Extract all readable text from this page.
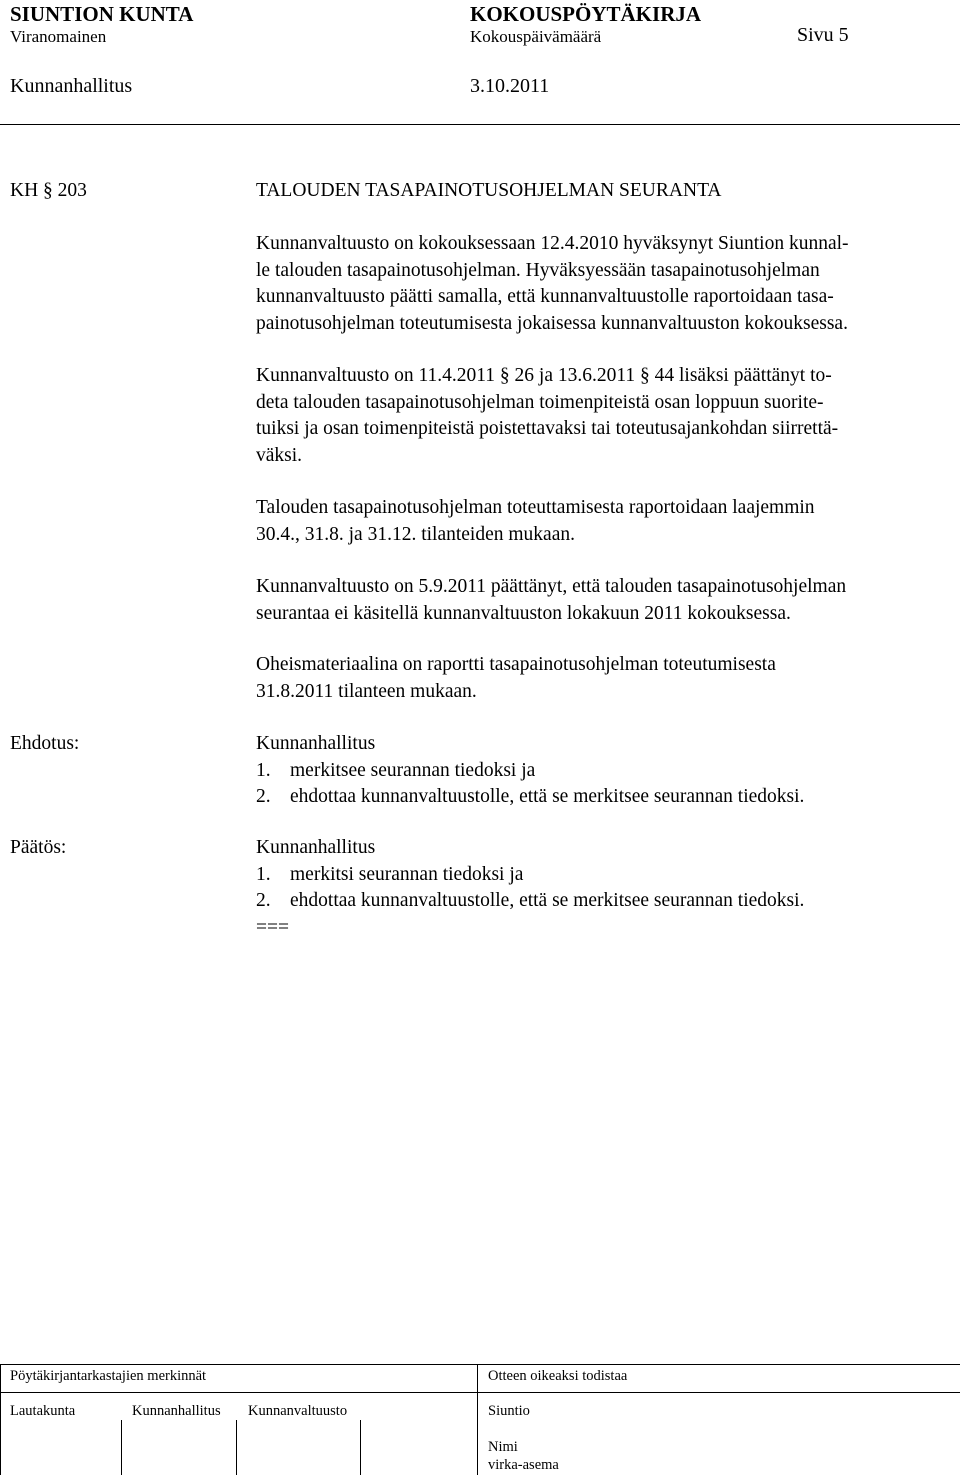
SIUNTION KUNTA	KOKOUSPÖYTÄKIRJA
Viranomainen	Kokouspäivämäärä	Sivu 5
Kunnanhallitus	3.10.2011
KH § 203	TALOUDEN TASAPAINOTUSOHJELMAN SEURANTA
Kunnanvaltuusto on kokouksessaan 12.4.2010 hyväksynyt Siuntion kunnal-
le talouden tasapainotusohjelman. Hyväksyessään tasapainotusohjelman
kunnanvaltuusto päätti samalla, että kunnanvaltuustolle raportoidaan tasa-
painotusohjelman toteutumisesta jokaisessa kunnanvaltuuston kokouksessa.
Kunnanvaltuusto on 11.4.2011 § 26 ja 13.6.2011 § 44 lisäksi päättänyt to-
deta talouden tasapainotusohjelman toimenpiteistä osan loppuun suorite-
tuiksi ja osan toimenpiteistä poistettavaksi tai toteutusajankohdan siirrettä-
väksi.
Talouden tasapainotusohjelman toteuttamisesta raportoidaan laajemmin
30.4., 31.8. ja 31.12. tilanteiden mukaan.
Kunnanvaltuusto on 5.9.2011 päättänyt, että talouden tasapainotusohjelman
seurantaa ei käsitellä kunnanvaltuuston lokakuun 2011 kokouksessa.
Oheismateriaalina on raportti tasapainotusohjelman toteutumisesta
31.8.2011 tilanteen mukaan.
Ehdotus:	Kunnanhallitus
1. merkitsee seurannan tiedoksi ja
2. ehdottaa kunnanvaltuustolle, että se merkitsee seurannan tiedoksi.
Päätös:	Kunnanhallitus
1. merkitsi seurannan tiedoksi ja
2. ehdottaa kunnanvaltuustolle, että se merkitsee seurannan tiedoksi.
===
Pöytäkirjantarkastajien merkinnät	Otteen oikeaksi todistaa
Lautakunta	Kunnanhallitus Kunnanvaltuusto	Siuntio
Nimi
virka-asema
